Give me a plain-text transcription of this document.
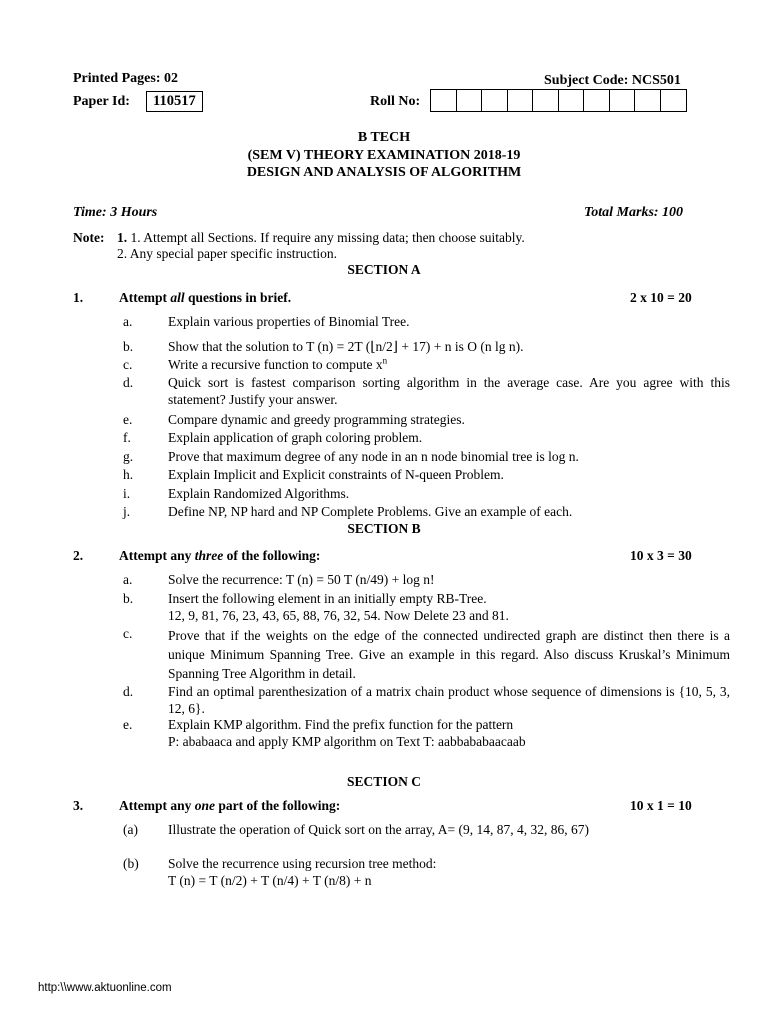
Printed Pages: 02	Subject Code: NCS501
Paper Id:	110517	Roll No:
B TECH
(SEM V) THEORY EXAMINATION 2018-19
DESIGN AND ANALYSIS OF ALGORITHM
Time: 3 Hours	Total Marks: 100
Note: 1. 1. Attempt all Sections. If require any missing data; then choose suitably.
2. Any special paper specific instruction.
SECTION A
1.	Attempt all questions in brief.	2 x 10 = 20
a.	Explain various properties of Binomial Tree.
b.	Show that the solution to T (n) = 2T (⌊n/2⌋ + 17) + n is O (n lg n).
c.	Write a recursive function to compute $x^n$
d.	Quick sort is fastest comparison sorting algorithm in the average case. Are you agree with this statement? Justify your answer.
e.	Compare dynamic and greedy programming strategies.
f.	Explain application of graph coloring problem.
g.	Prove that maximum degree of any node in an n node binomial tree is log n.
h.	Explain Implicit and Explicit constraints of N-queen Problem.
i.	Explain Randomized Algorithms.
j.	Define NP, NP hard and NP Complete Problems. Give an example of each.
SECTION B
2.	Attempt any three of the following:	10 x 3 = 30
a.	Solve the recurrence: T (n) = 50 T (n/49) + log n!
b.	Insert the following element in an initially empty RB-Tree.
12, 9, 81, 76, 23, 43, 65, 88, 76, 32, 54. Now Delete 23 and 81.
c.	Prove that if the weights on the edge of the connected undirected graph are distinct then there is a unique Minimum Spanning Tree. Give an example in this regard. Also discuss Kruskal’s Minimum Spanning Tree Algorithm in detail.
d.	Find an optimal parenthesization of a matrix chain product whose sequence of dimensions is {10, 5, 3, 12, 6}.
e.	Explain KMP algorithm. Find the prefix function for the pattern
P: ababaaca and apply KMP algorithm on Text T: aabbababaacaab
SECTION C
3.	Attempt any one part of the following:	10 x 1 = 10
(a) Illustrate the operation of Quick sort on the array, A= (9, 14, 87, 4, 32, 86, 67)
(b) Solve the recurrence using recursion tree method:
T (n) = T (n/2) + T (n/4) + T (n/8) + n
http:\\www.aktuonline.com
